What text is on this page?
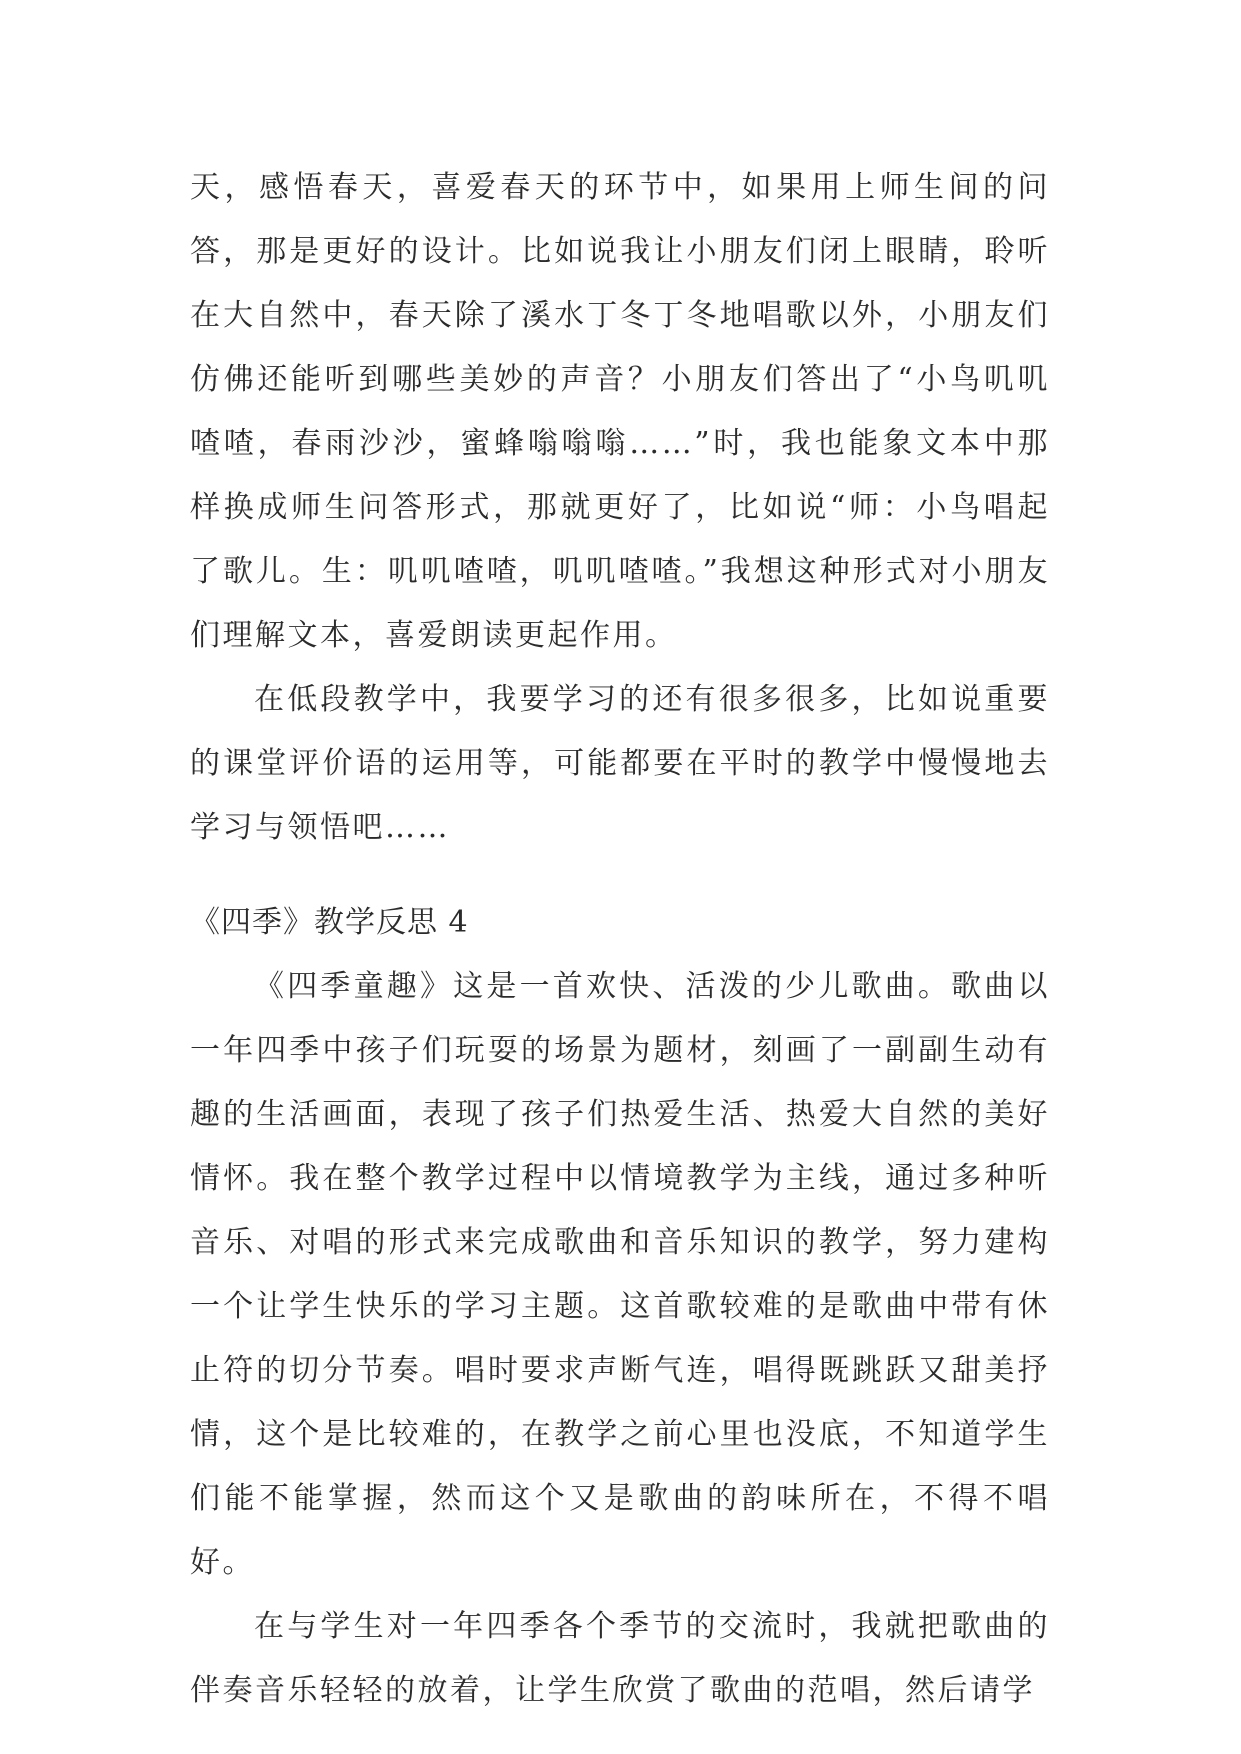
天，感悟春天，喜爱春天的环节中，如果用上师生间的问答，那是更好的设计。比如说我让小朋友们闭上眼睛，聆听在大自然中，春天除了溪水丁冬丁冬地唱歌以外，小朋友们仿佛还能听到哪些美妙的声音？小朋友们答出了“小鸟叽叽喳喳，春雨沙沙，蜜蜂嗡嗡嗡……”时，我也能象文本中那样换成师生问答形式，那就更好了，比如说“师：小鸟唱起了歌儿。生：叽叽喳喳，叽叽喳喳。”我想这种形式对小朋友们理解文本，喜爱朗读更起作用。

在低段教学中，我要学习的还有很多很多，比如说重要的课堂评价语的运用等，可能都要在平时的教学中慢慢地去学习与领悟吧……

《四季》教学反思 4

《四季童趣》这是一首欢快、活泼的少儿歌曲。歌曲以一年四季中孩子们玩耍的场景为题材，刻画了一副副生动有趣的生活画面，表现了孩子们热爱生活、热爱大自然的美好情怀。我在整个教学过程中以情境教学为主线，通过多种听音乐、对唱的形式来完成歌曲和音乐知识的教学，努力建构一个让学生快乐的学习主题。这首歌较难的是歌曲中带有休止符的切分节奏。唱时要求声断气连，唱得既跳跃又甜美抒情，这个是比较难的，在教学之前心里也没底，不知道学生们能不能掌握，然而这个又是歌曲的韵味所在，不得不唱好。

在与学生对一年四季各个季节的交流时，我就把歌曲的伴奏音乐轻轻的放着，让学生欣赏了歌曲的范唱，然后请学
